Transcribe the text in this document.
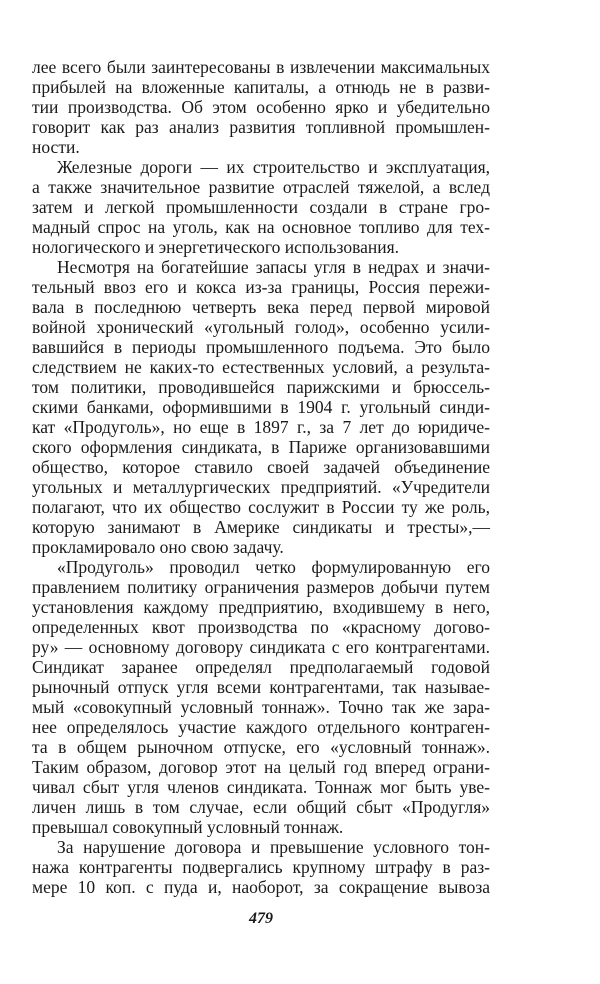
лее всего были заинтересованы в извлечении максимальных
прибылей на вложенные капиталы, а отнюдь не в разви-
тии производства. Об этом особенно ярко и убедительно
говорит как раз анализ развития топливной промышлен-
ности.
Железные дороги — их строительство и эксплуатация,
а также значительное развитие отраслей тяжелой, а вслед
затем и легкой промышленности создали в стране гро-
мадный спрос на уголь, как на основное топливо для тех-
нологического и энергетического использования.
Несмотря на богатейшие запасы угля в недрах и значи-
тельный ввоз его и кокса из-за границы, Россия пережи-
вала в последнюю четверть века перед первой мировой
войной хронический «угольный голод», особенно усили-
вавшийся в периоды промышленного подъема. Это было
следствием не каких-то естественных условий, а результа-
том политики, проводившейся парижскими и брюссель-
скими банками, оформившими в 1904 г. угольный синди-
кат «Продуголь», но еще в 1897 г., за 7 лет до юридиче-
ского оформления синдиката, в Париже организовавшими
общество, которое ставило своей задачей объединение
угольных и металлургических предприятий. «Учредители
полагают, что их общество сослужит в России ту же роль,
которую занимают в Америке синдикаты и тресты»,—
прокламировало оно свою задачу.
«Продуголь» проводил четко формулированную его
правлением политику ограничения размеров добычи путем
установления каждому предприятию, входившему в него,
определенных квот производства по «красному догово-
ру» — основному договору синдиката с его контрагентами.
Синдикат заранее определял предполагаемый годовой
рыночный отпуск угля всеми контрагентами, так называе-
мый «совокупный условный тоннаж». Точно так же зара-
нее определялось участие каждого отдельного контраген-
та в общем рыночном отпуске, его «условный тоннаж».
Таким образом, договор этот на целый год вперед ограни-
чивал сбыт угля членов синдиката. Тоннаж мог быть уве-
личен лишь в том случае, если общий сбыт «Продугля»
превышал совокупный условный тоннаж.
За нарушение договора и превышение условного тон-
нажа контрагенты подвергались крупному штрафу в раз-
мере 10 коп. с пуда и, наоборот, за сокращение вывоза
479
